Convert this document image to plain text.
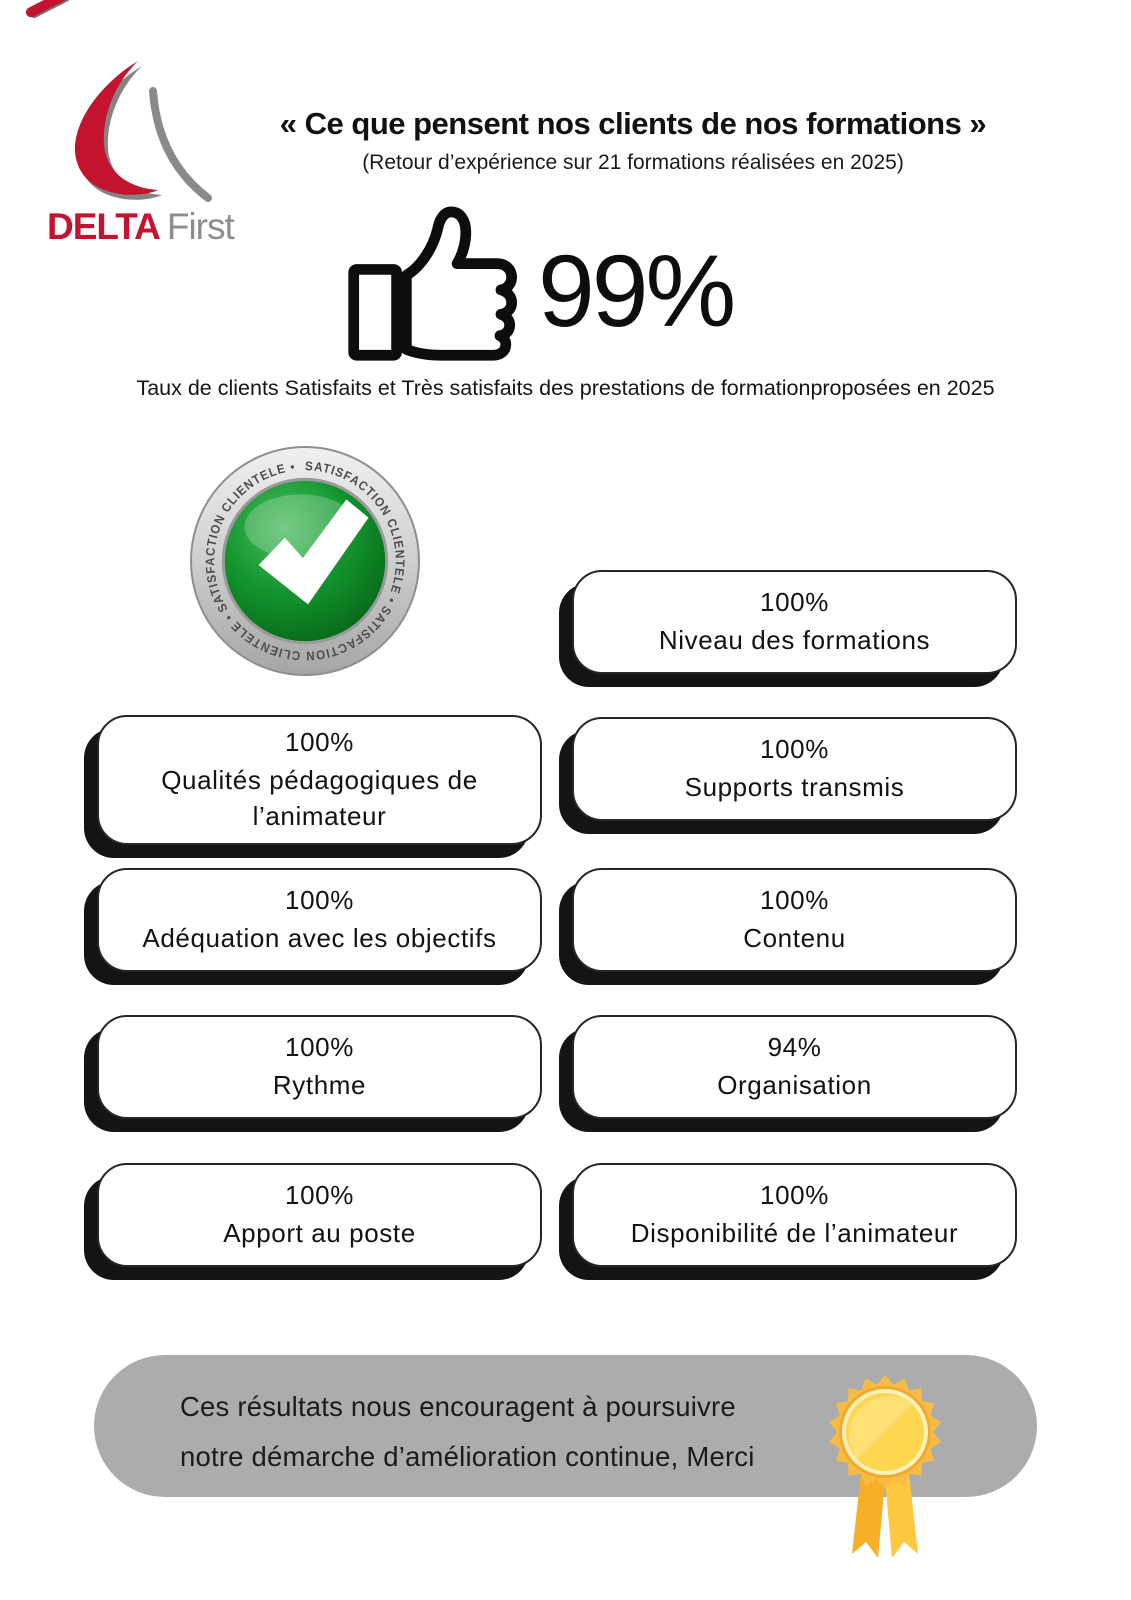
DELTA First
« Ce que pensent nos clients de nos formations »
(Retour d’expérience sur 21 formations réalisées en 2025)
99%
Taux de clients Satisfaits et Très satisfaits des prestations de formationproposées en 2025
SATISFACTION CLIENTELE • SATISFACTION CLIENTELE • SATISFACTION CLIENTELE •
100%
Niveau des formations
100%
Qualités pédagogiques de l’animateur
100%
Supports transmis
100%
Adéquation avec les objectifs
100%
Contenu
100%
Rythme
94%
Organisation
100%
Apport au poste
100%
Disponibilité de l’animateur
Ces résultats nous encouragent à poursuivre
notre démarche d’amélioration continue, Merci
